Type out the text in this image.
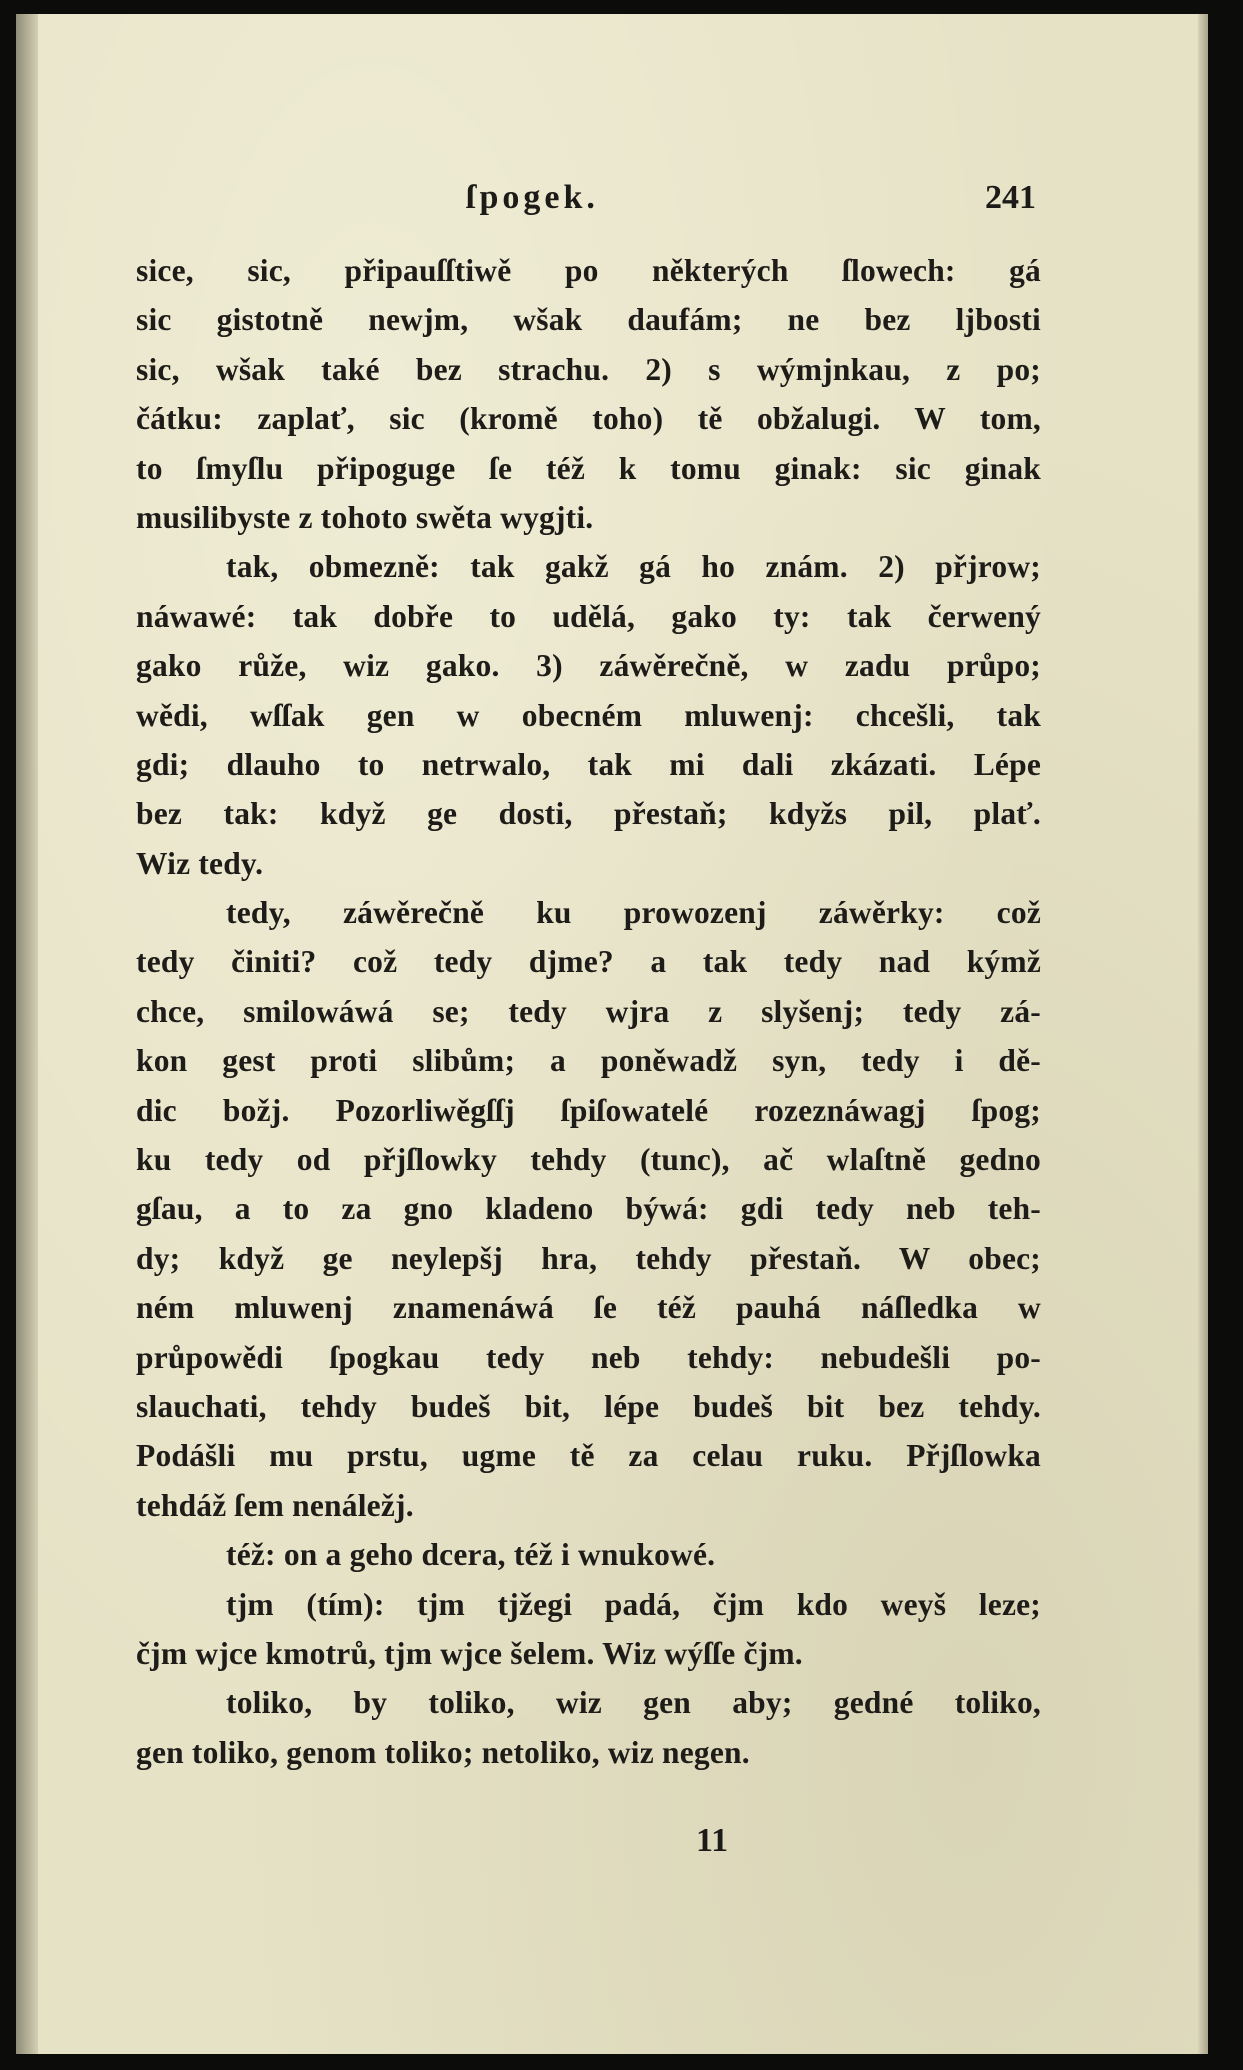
ſpogek.	241
sice, sic, připauſſtiwě po některých ſlowech: gá
sic gistotně newjm, wšak daufám; ne bez ljbosti
sic, wšak také bez strachu. 2) s wýmjnkau, z po;
čátku: zaplať, sic (kromě toho) tě obžalugi. W tom,
to ſmyſlu připoguge ſe též k tomu ginak: sic ginak
musilibyste z tohoto swěta wygjti.
tak, obmezně: tak gakž gá ho znám. 2) přjrow;
náwawé: tak dobře to udělá, gako ty: tak čerwený
gako růže, wiz gako. 3) záwěrečně, w zadu průpo;
wědi, wſſak gen w obecném mluwenj: chcešli, tak
gdi; dlauho to netrwalo, tak mi dali zkázati. Lépe
bez tak: když ge dosti, přestaň; kdyžs pil, plať.
Wiz tedy.
tedy, záwěrečně ku prowozenj záwěrky: což
tedy činiti? což tedy djme? a tak tedy nad kýmž
chce, smilowáwá se; tedy wjra z slyšenj; tedy zá-
kon gest proti slibům; a poněwadž syn, tedy i dě-
dic božj. Pozorliwěgſſj ſpiſowatelé rozeznáwagj ſpog;
ku tedy od přjſlowky tehdy (tunc), ač wlaſtně gedno
gſau, a to za gno kladeno býwá: gdi tedy neb teh-
dy; když ge neylepšj hra, tehdy přestaň. W obec;
ném mluwenj znamenáwá ſe též pauhá náſledka w
průpowědi ſpogkau tedy neb tehdy: nebudešli po-
slauchati, tehdy budeš bit, lépe budeš bit bez tehdy.
Podášli mu prstu, ugme tě za celau ruku. Přjſlowka
tehdáž ſem nenáležj.
též: on a geho dcera, též i wnukowé.
tjm (tím): tjm tjžegi padá, čjm kdo weyš leze;
čjm wjce kmotrů, tjm wjce šelem. Wiz wýſſe čjm.
toliko, by toliko, wiz gen aby; gedné toliko,
gen toliko, genom toliko; netoliko, wiz negen.
11
